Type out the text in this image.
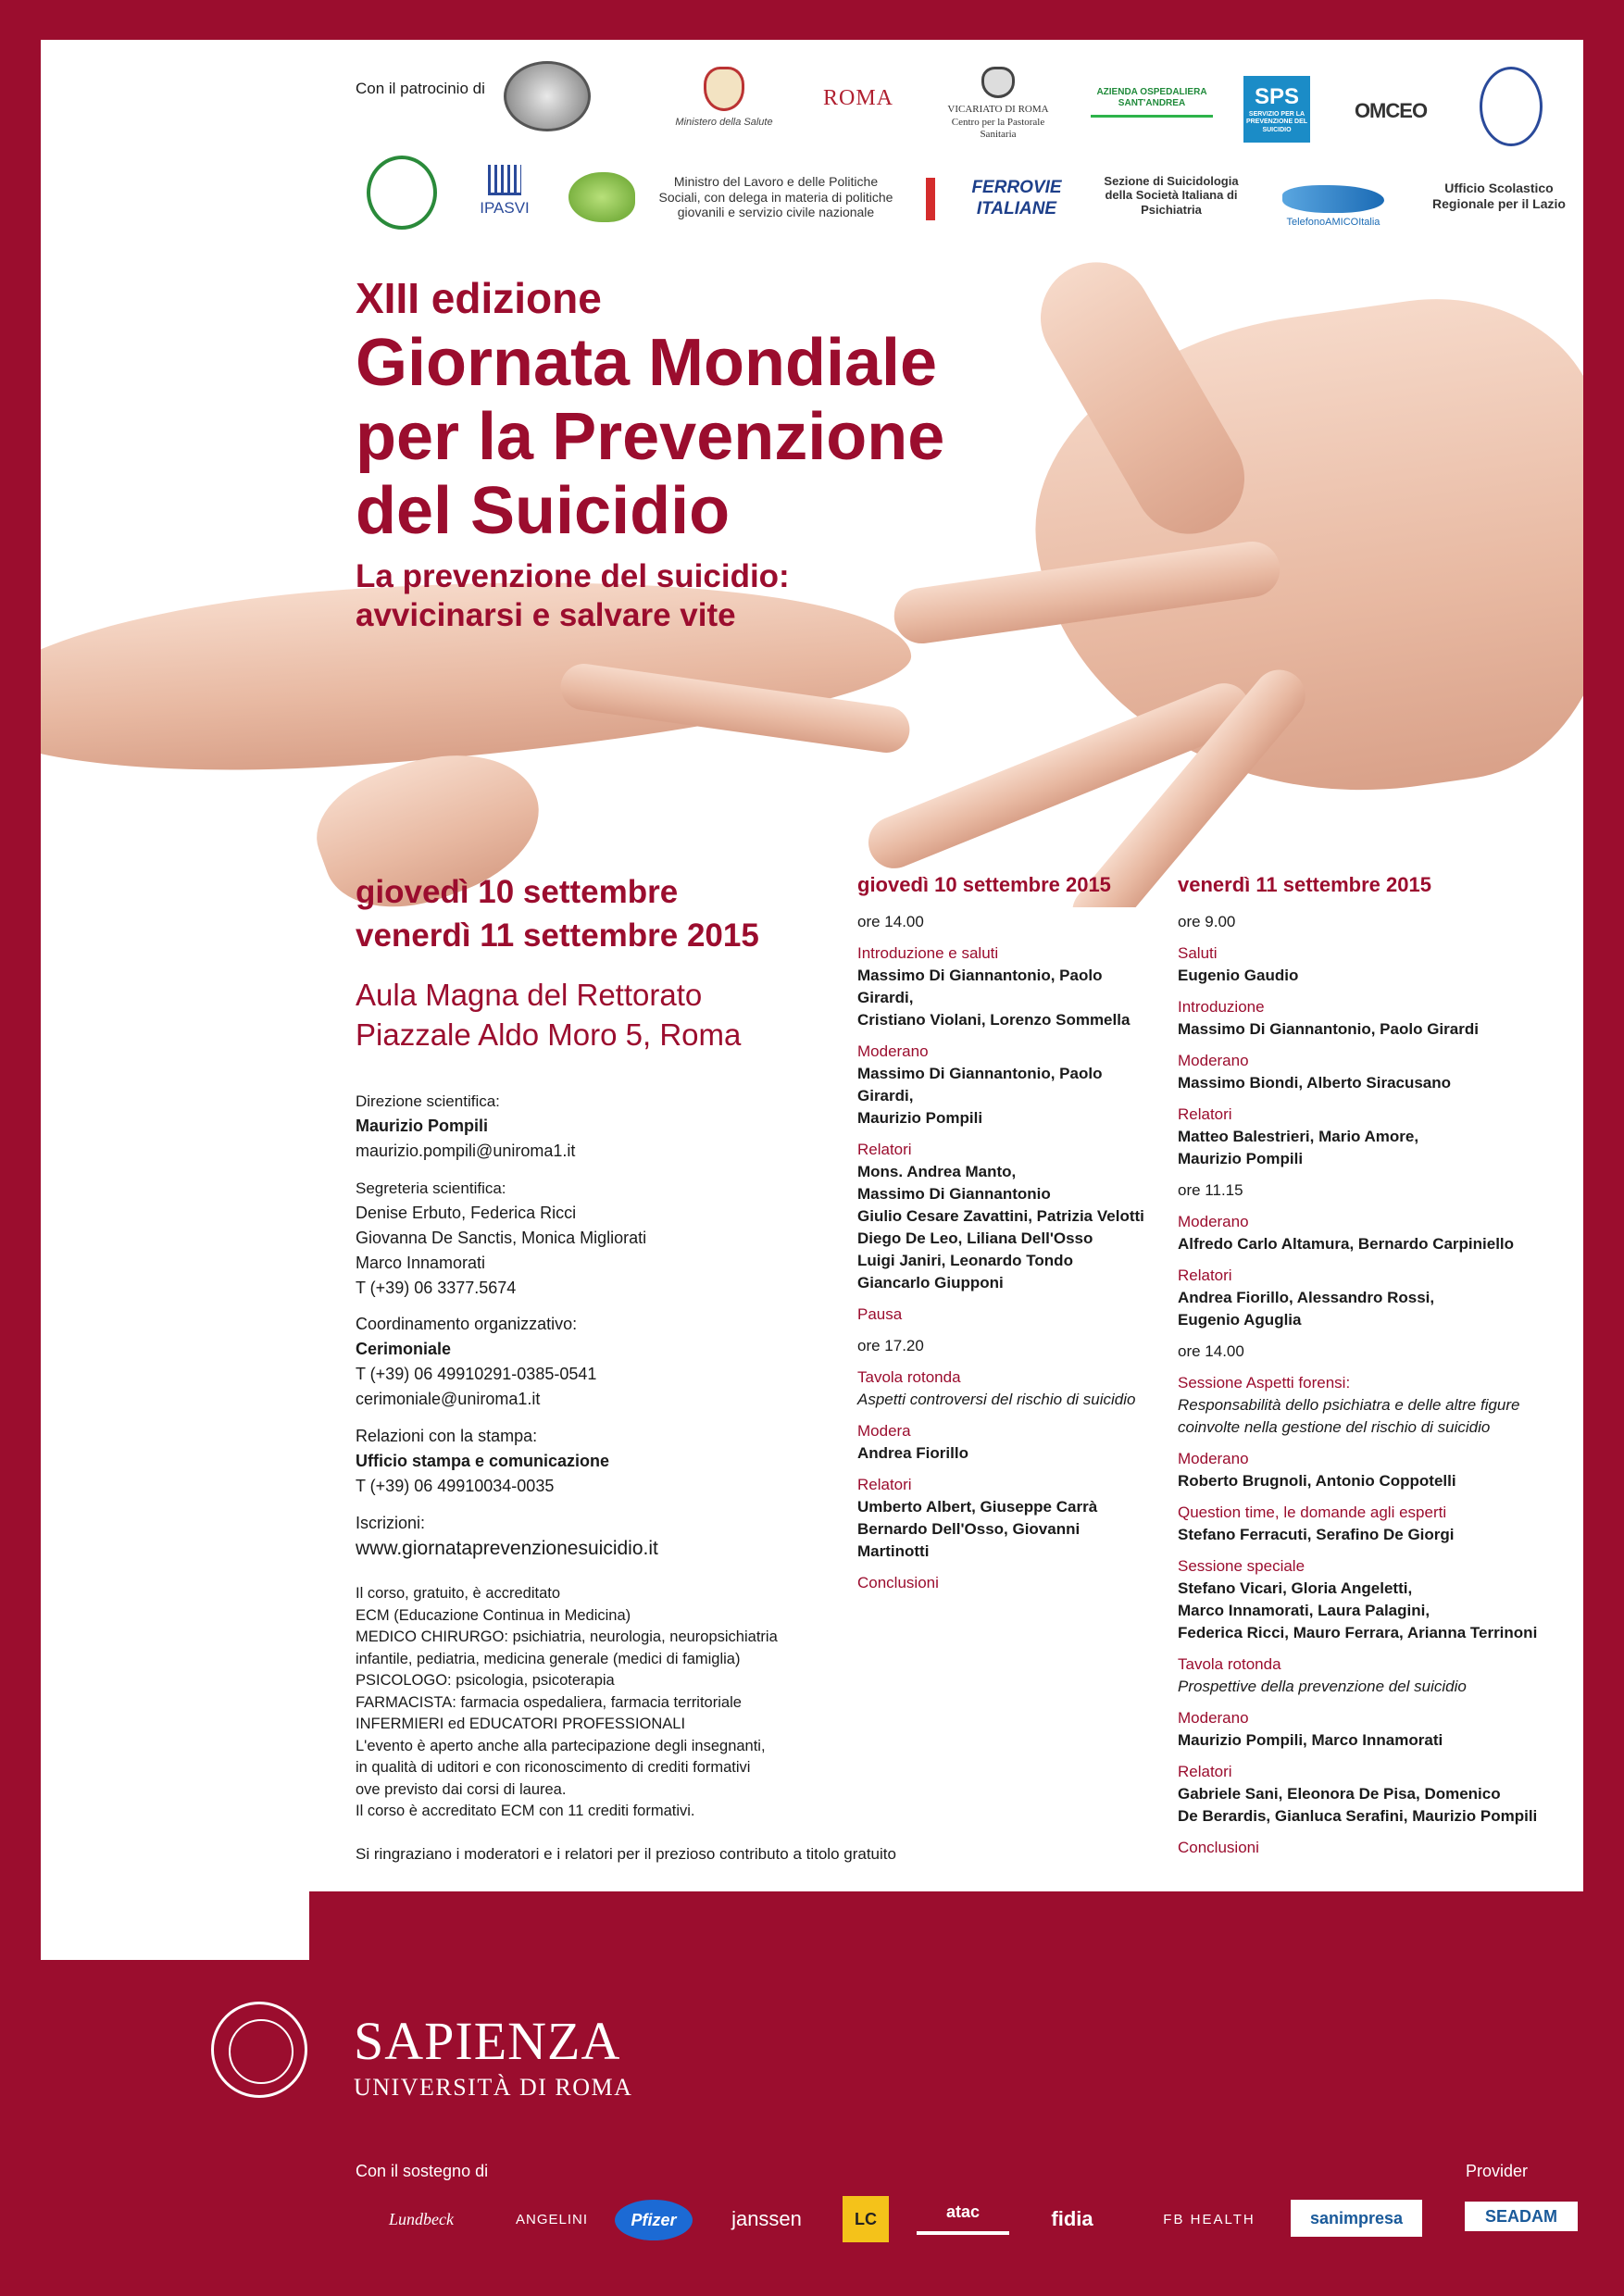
Con il patrocinio di
Ministero della Salute
ROMA	VICARIATO DI ROMA
Centro per la Pastorale Sanitaria
AZIENDA OSPEDALIERA SANT'ANDREA	SPS
SERVIZIO PER LA PREVENZIONE DEL SUICIDIO
OMCEO
IPASVI
Ministro del Lavoro e delle Politiche Sociali, con delega in materia di politiche giovanili e servizio civile nazionale
FERROVIE ITALIANE
Sezione di Suicidologia della Società Italiana di Psichiatria
TelefonoAMICOItalia
Ufficio Scolastico Regionale per il Lazio
XIII edizione
Giornata Mondiale
per la Prevenzione
del Suicidio
La prevenzione del suicidio:
avvicinarsi e salvare vite
giovedì 10 settembre
venerdì 11 settembre 2015
Aula Magna del Rettorato
Piazzale Aldo Moro 5, Roma
Direzione scientifica:
Maurizio Pompili
maurizio.pompili@uniroma1.it
Segreteria scientifica:
Denise Erbuto, Federica Ricci
Giovanna De Sanctis, Monica Migliorati
Marco Innamorati
T (+39) 06 3377.5674
Coordinamento organizzativo:
Cerimoniale
T (+39) 06 49910291-0385-0541
cerimoniale@uniroma1.it
Relazioni con la stampa:
Ufficio stampa e comunicazione
T (+39) 06 49910034-0035
Iscrizioni:
www.giornataprevenzionesuicidio.it
Il corso, gratuito, è accreditato
ECM (Educazione Continua in Medicina)
MEDICO CHIRURGO: psichiatria, neurologia, neuropsichiatria
infantile, pediatria, medicina generale (medici di famiglia)
PSICOLOGO: psicologia, psicoterapia
FARMACISTA: farmacia ospedaliera, farmacia territoriale
INFERMIERI ed EDUCATORI PROFESSIONALI
L'evento è aperto anche alla partecipazione degli insegnanti,
in qualità di uditori e con riconoscimento di crediti formativi
ove previsto dai corsi di laurea.
Il corso è accreditato ECM con 11 crediti formativi.
Si ringraziano i moderatori e i relatori per il prezioso contributo a titolo gratuito
giovedì 10 settembre 2015
ore 14.00
Introduzione e saluti
Massimo Di Giannantonio, Paolo Girardi,
Cristiano Violani, Lorenzo Sommella
Moderano
Massimo Di Giannantonio, Paolo Girardi,
Maurizio Pompili
Relatori
Mons. Andrea Manto,
Massimo Di Giannantonio
Giulio Cesare Zavattini, Patrizia Velotti
Diego De Leo, Liliana Dell'Osso
Luigi Janiri, Leonardo Tondo
Giancarlo Giupponi
Pausa
ore 17.20
Tavola rotonda
Aspetti controversi del rischio di suicidio
Modera
Andrea Fiorillo
Relatori
Umberto Albert, Giuseppe Carrà
Bernardo Dell'Osso, Giovanni Martinotti
Conclusioni
venerdì 11 settembre 2015
ore 9.00
Saluti
Eugenio Gaudio
Introduzione
Massimo Di Giannantonio, Paolo Girardi
Moderano
Massimo Biondi, Alberto Siracusano
Relatori
Matteo Balestrieri, Mario Amore,
Maurizio Pompili
ore 11.15
Moderano
Alfredo Carlo Altamura, Bernardo Carpiniello
Relatori
Andrea Fiorillo, Alessandro Rossi,
Eugenio Aguglia
ore 14.00
Sessione Aspetti forensi:
Responsabilità dello psichiatra e delle altre figure
coinvolte nella gestione del rischio di suicidio
Moderano
Roberto Brugnoli, Antonio Coppotelli
Question time, le domande agli esperti
Stefano Ferracuti, Serafino De Giorgi
Sessione speciale
Stefano Vicari, Gloria Angeletti,
Marco Innamorati, Laura Palagini,
Federica Ricci, Mauro Ferrara, Arianna Terrinoni
Tavola rotonda
Prospettive della prevenzione del suicidio
Moderano
Maurizio Pompili, Marco Innamorati
Relatori
Gabriele Sani, Eleonora De Pisa, Domenico
De Berardis, Gianluca Serafini, Maurizio Pompili
Conclusioni
SAPIENZA
UNIVERSITÀ DI ROMA
Con il sostegno di	Provider
Lundbeck	ANGELINI	Pfizer	janssen	LC	atac	fidia	FB HEALTH	sanimpresa	SEADAM
